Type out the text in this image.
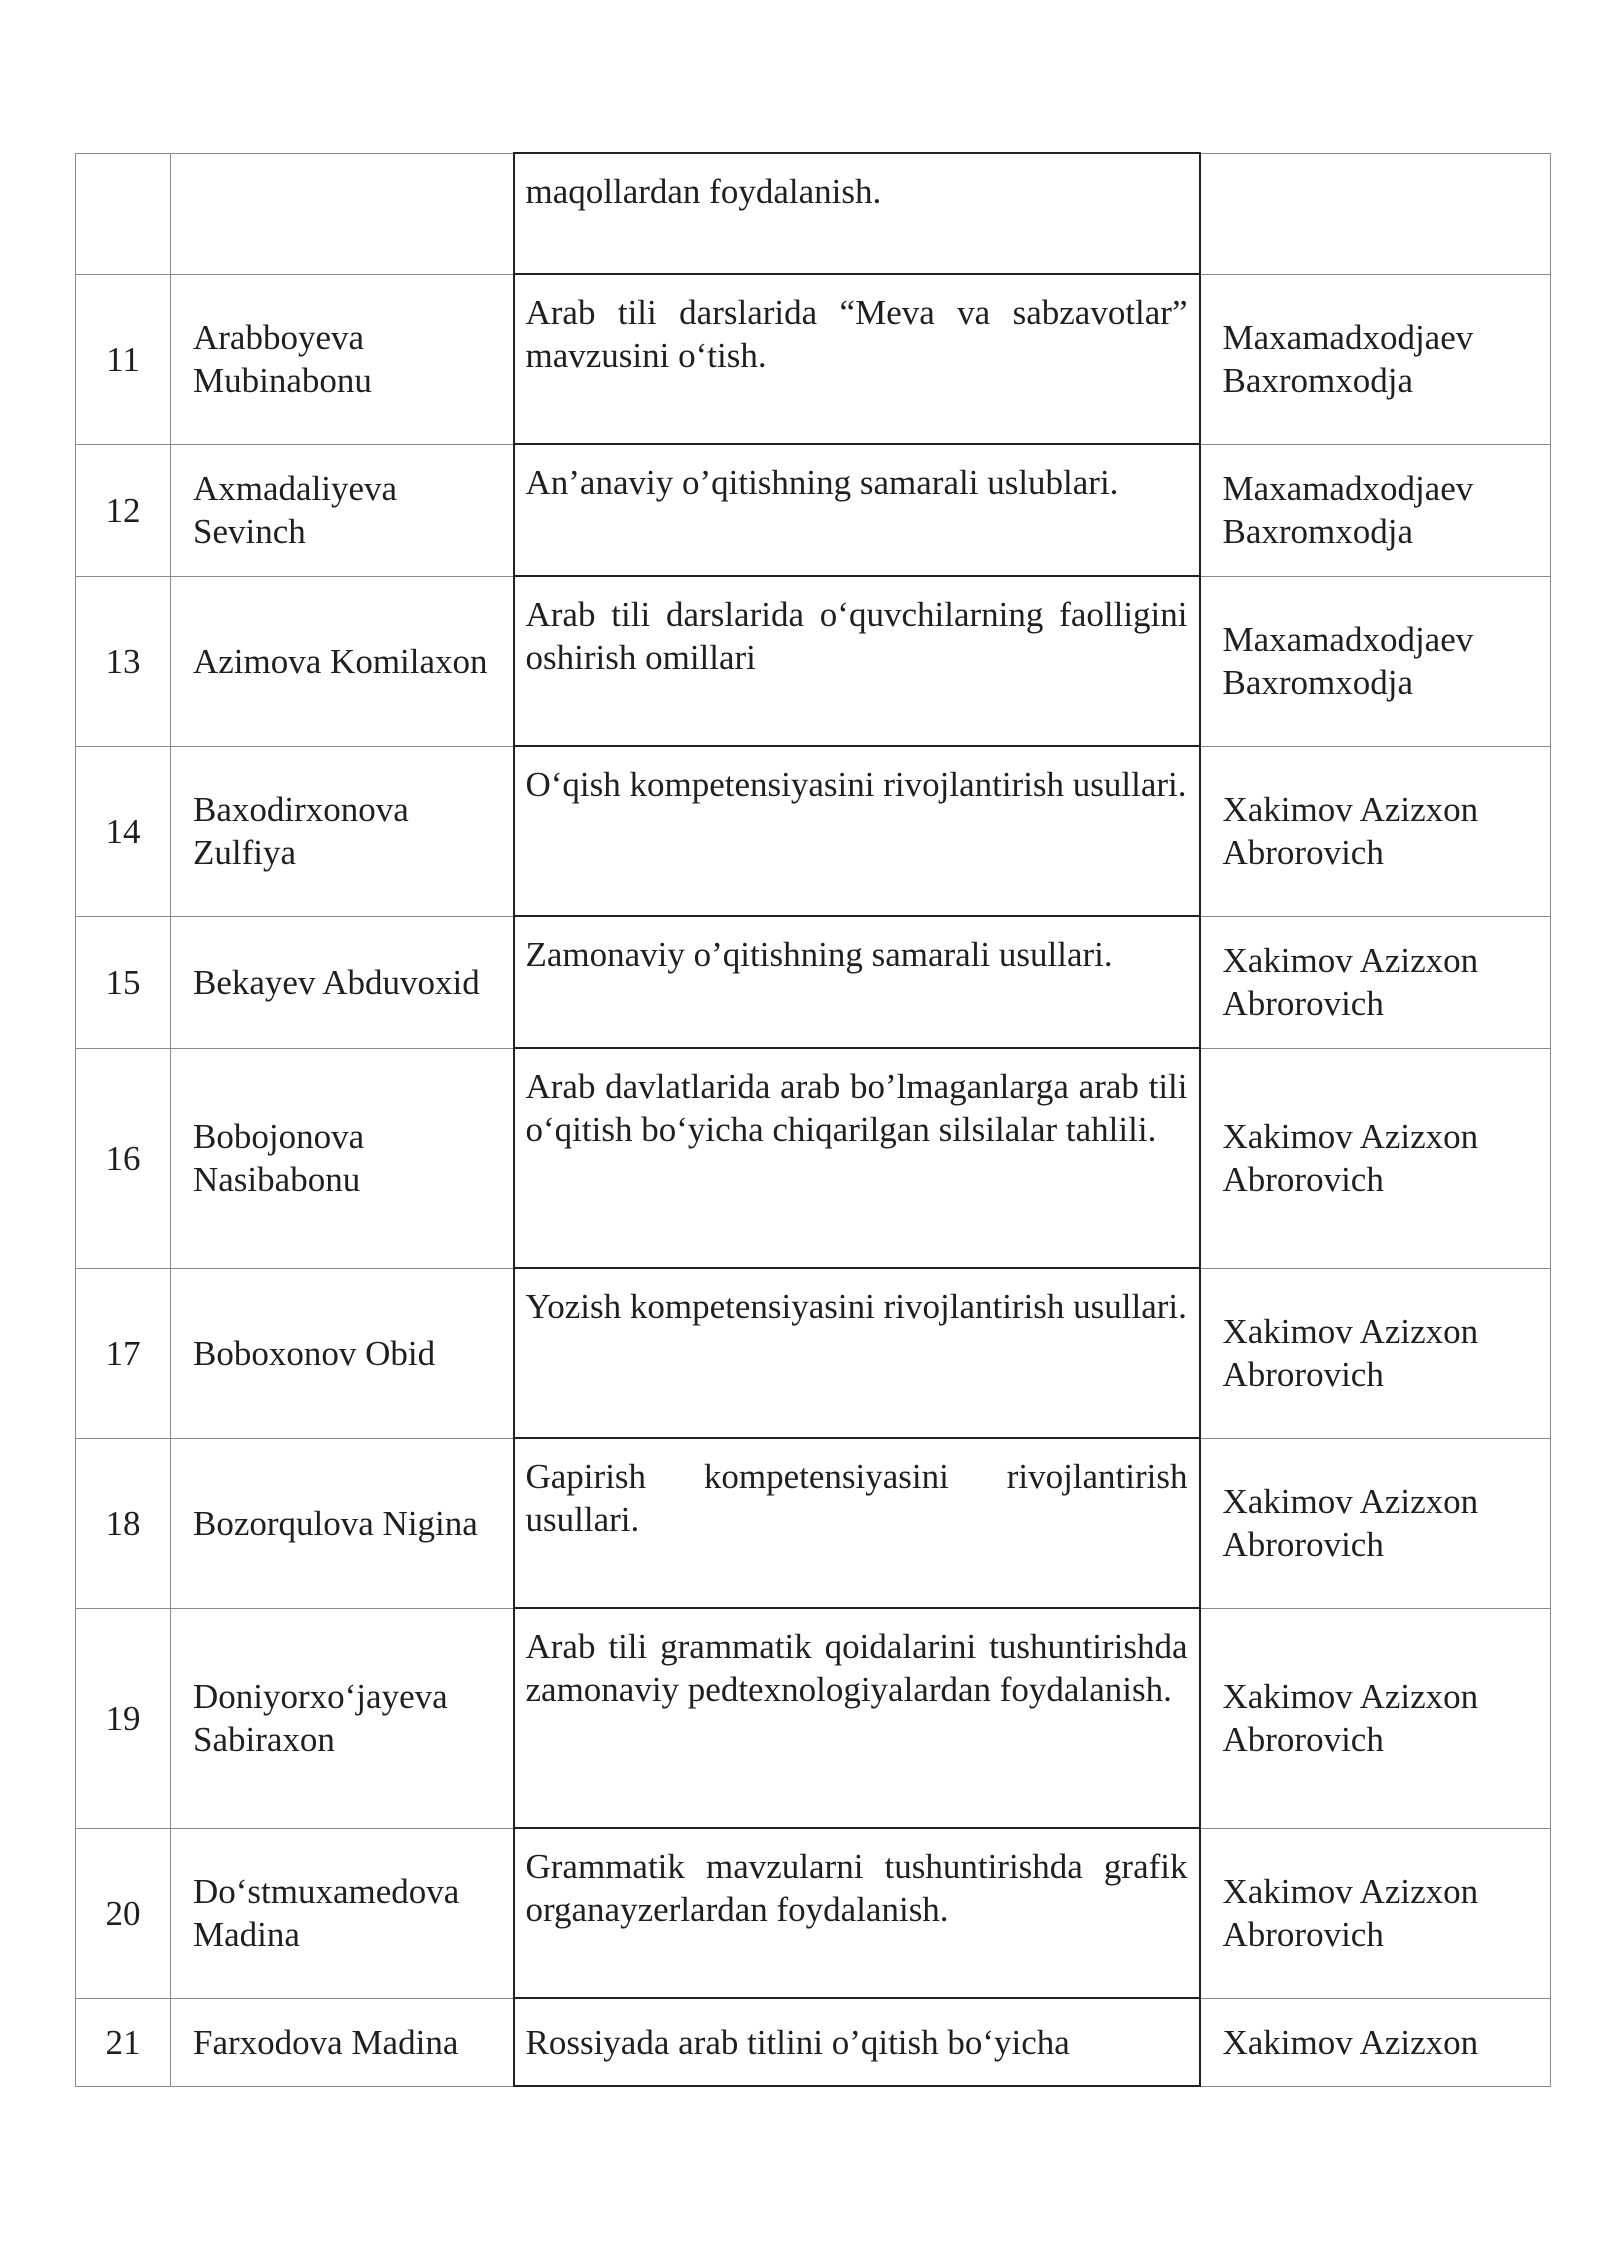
		maqollardan foydalanish.	
11	Arabboyeva Mubinabonu	Arab tili darslarida “Meva va sabzavotlar” mavzusini o‘tish.	Maxamadxodjaev Baxromxodja
12	Axmadaliyeva Sevinch	An’anaviy o’qitishning samarali uslublari.	Maxamadxodjaev Baxromxodja
13	Azimova Komilaxon	Arab tili darslarida o‘quvchilarning faolligini oshirish omillari	Maxamadxodjaev Baxromxodja
14	Baxodirxonova Zulfiya	O‘qish kompetensiyasini rivojlantirish usullari.	Xakimov Azizxon Abrorovich
15	Bekayev Abduvoxid	Zamonaviy o’qitishning samarali usullari.	Xakimov Azizxon Abrorovich
16	Bobojonova Nasibabonu	Arab davlatlarida arab bo’lmaganlarga arab tili o‘qitish bo‘yicha chiqarilgan silsilalar tahlili.	Xakimov Azizxon Abrorovich
17	Boboxonov Obid	Yozish kompetensiyasini rivojlantirish usullari.	Xakimov Azizxon Abrorovich
18	Bozorqulova Nigina	Gapirish kompetensiyasini rivojlantirish usullari.	Xakimov Azizxon Abrorovich
19	Doniyorxo‘jayeva Sabiraxon	Arab tili grammatik qoidalarini tushuntirishda zamonaviy pedtexnologiyalardan foydalanish.	Xakimov Azizxon Abrorovich
20	Do‘stmuxamedova Madina	Grammatik mavzularni tushuntirishda grafik organayzerlardan foydalanish.	Xakimov Azizxon Abrorovich
21	Farxodova Madina	Rossiyada arab titlini o’qitish bo‘yicha	Xakimov Azizxon
